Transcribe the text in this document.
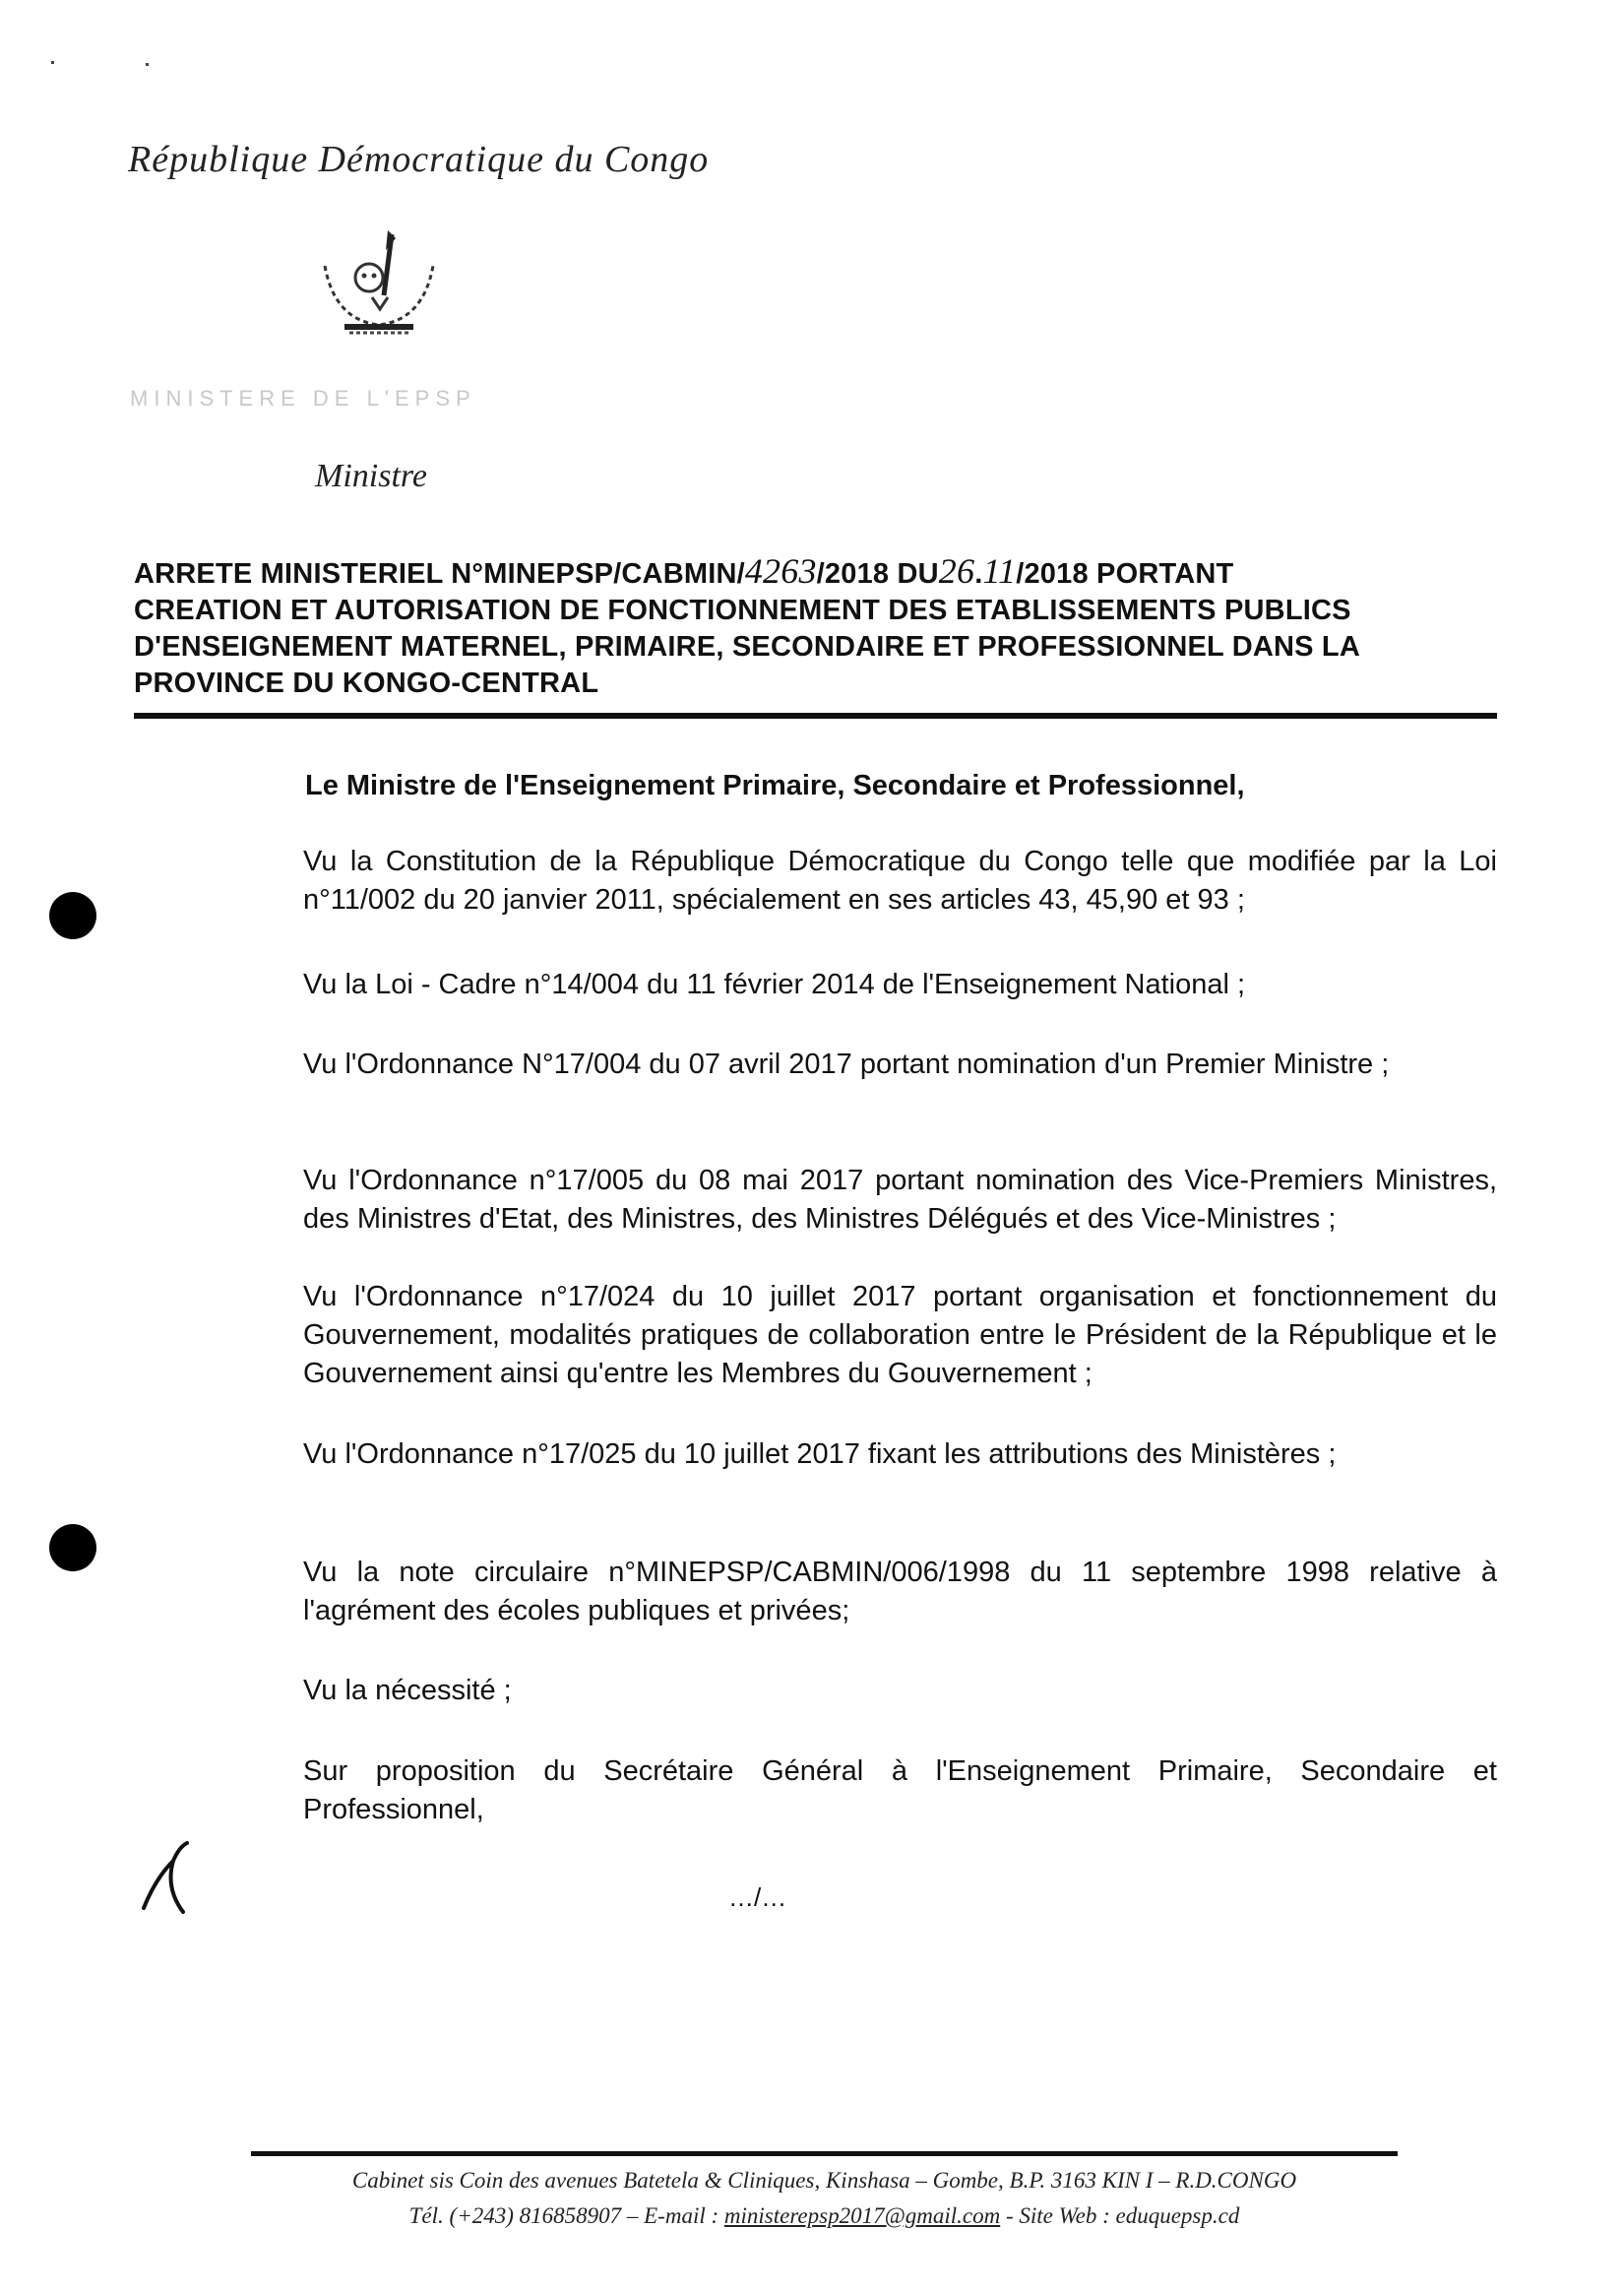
République Démocratique du Congo
MINISTERE DE L'EPSP
Ministre
ARRETE MINISTERIEL N°MINEPSP/CABMIN/4263/2018 DU26.11/2018 PORTANT
CREATION ET AUTORISATION DE FONCTIONNEMENT DES ETABLISSEMENTS PUBLICS
D'ENSEIGNEMENT MATERNEL, PRIMAIRE, SECONDAIRE ET PROFESSIONNEL DANS LA
PROVINCE DU KONGO-CENTRAL
Le Ministre de l'Enseignement Primaire, Secondaire et Professionnel,
Vu la Constitution de la République Démocratique du Congo telle que modifiée par la Loi n°11/002 du 20 janvier 2011, spécialement en ses articles 43, 45,90 et 93 ;
Vu la Loi - Cadre n°14/004 du 11 février 2014 de l'Enseignement National ;
Vu l'Ordonnance N°17/004 du 07 avril 2017 portant nomination d'un Premier Ministre ;
Vu l'Ordonnance n°17/005 du 08 mai 2017 portant nomination des Vice-Premiers Ministres, des Ministres d'Etat, des Ministres, des Ministres Délégués et des Vice-Ministres ;
Vu l'Ordonnance n°17/024 du 10 juillet 2017 portant organisation et fonctionnement du Gouvernement, modalités pratiques de collaboration entre le Président de la République et le Gouvernement ainsi qu'entre les Membres du Gouvernement ;
Vu l'Ordonnance n°17/025 du 10 juillet 2017 fixant les attributions des Ministères ;
Vu la note circulaire n°MINEPSP/CABMIN/006/1998 du 11 septembre 1998 relative à l'agrément des écoles publiques et privées;
Vu la nécessité ;
Sur proposition du Secrétaire Général à l'Enseignement Primaire, Secondaire et Professionnel,
…/…
Cabinet sis Coin des avenues Batetela & Cliniques, Kinshasa – Gombe, B.P. 3163 KIN I – R.D.CONGO
Tél. (+243) 816858907 – E-mail : ministerepsp2017@gmail.com - Site Web : eduquepsp.cd
